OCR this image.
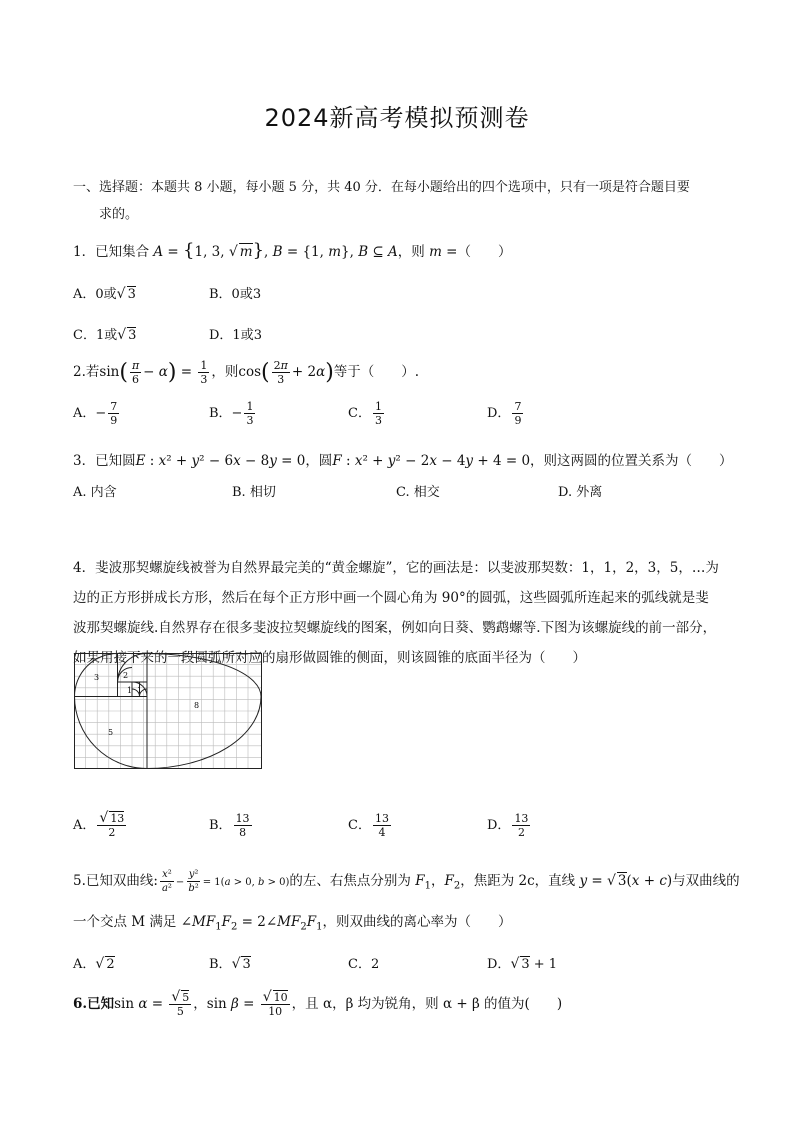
2024新高考模拟预测卷
一、选择题：本题共 8 小题，每小题 5 分，共 40 分．在每小题给出的四个选项中，只有一项是符合题目要
求的。
1．已知集合 A = {1, 3, √ m}, B = {1, m}, B ⊆ A，则 m =（　　）
A．0或√ 3	B．0或3
C．1或√ 3	D．1或3
2.若$\sin( \frac{\pi}{6} - \alpha) = \frac{1}{3}$ ，则$\cos( \frac{2\pi}{3} + 2\alpha)$等于（　　）.
A．− $\frac{7}{9}$	B．− $\frac{1}{3}$	C． $\frac{1}{3}$	D． $\frac{7}{9}$
3．已知圆E : x² + y² − 6x − 8y = 0，圆F : x² + y² − 2x − 4y + 4 = 0，则这两圆的位置关系为（　　）
A. 内含	B. 相切	C. 相交	D. 外离
4．斐波那契螺旋线被誉为自然界最完美的“黄金螺旋”，它的画法是：以斐波那契数：1，1，2，3，5，…为
边的正方形拼成长方形，然后在每个正方形中画一个圆心角为 90°的圆弧，这些圆弧所连起来的弧线就是斐
波那契螺旋线.自然界存在很多斐波拉契螺旋线的图案，例如向日葵、鹦鹉螺等.下图为该螺旋线的前一部分，
如果用接下来的一段圆弧所对应的扇形做圆锥的侧面，则该圆锥的底面半径为（　　）
3	2
1 1
8
5
A． $\frac{√ 13}{2}$	B． $\frac{13}{8}$	C． $\frac{13}{4}$	D． $\frac{13}{2}$
5.已知双曲线: $\frac{\text{x²}}{\text{a²}} - \frac{\text{y²}}{\text{b²}} = 1(a > 0$, b > 0)的左、右焦点分别为 $F_1$，$F_2$，焦距为 2c，直线 y = √ 3(x + c)与双曲线的
一个交点 M 满足 $\angle MF_1F_2$ = $2\angle MF_2F_1$，则双曲线的离心率为（　　）
A．√ 2	B．√ 3	C．2	D．√ 3 + 1
6.已知$\sin \alpha = \frac{√ 5}{5}$ ，$\sin \beta = \frac{√ 10}{10}$ ，且 α，β 均为锐角，则 α + β 的值为(　　)
